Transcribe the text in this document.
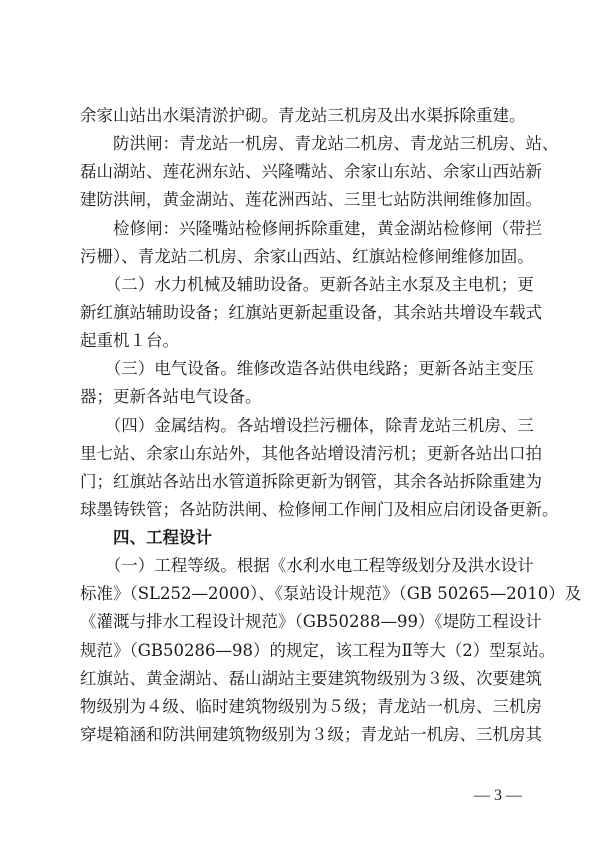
余家山站出水渠清淤护砌。青龙站三机房及出水渠拆除重建。
　　防洪闸：青龙站一机房、青龙站二机房、青龙站三机房、站、
磊山湖站、莲花洲东站、兴隆嘴站、余家山东站、余家山西站新
建防洪闸，黄金湖站、莲花洲西站、三里七站防洪闸维修加固。
　　检修闸：兴隆嘴站检修闸拆除重建，黄金湖站检修闸（带拦
污栅）、青龙站二机房、余家山西站、红旗站检修闸维修加固。
　　（二）水力机械及辅助设备。更新各站主水泵及主电机；更
新红旗站辅助设备；红旗站更新起重设备，其余站共增设车载式
起重机１台。
　　（三）电气设备。维修改造各站供电线路；更新各站主变压
器；更新各站电气设备。
　　（四）金属结构。各站增设拦污栅体，除青龙站三机房、三
里七站、余家山东站外，其他各站增设清污机；更新各站出口拍
门；红旗站各站出水管道拆除更新为钢管，其余各站拆除重建为
球墨铸铁管；各站防洪闸、检修闸工作闸门及相应启闭设备更新。
　　四、工程设计
　　（一）工程等级。根据《水利水电工程等级划分及洪水设计
标准》（SL252—2000）、《泵站设计规范》（GB 50265—2010）及
《灌溉与排水工程设计规范》（GB50288—99）《堤防工程设计
规范》（GB50286—98）的规定，该工程为Ⅱ等大（2）型泵站。
红旗站、黄金湖站、磊山湖站主要建筑物级别为３级、次要建筑
物级别为４级、临时建筑物级别为５级；青龙站一机房、三机房
穿堤箱涵和防洪闸建筑物级别为３级；青龙站一机房、三机房其
— 3 —
